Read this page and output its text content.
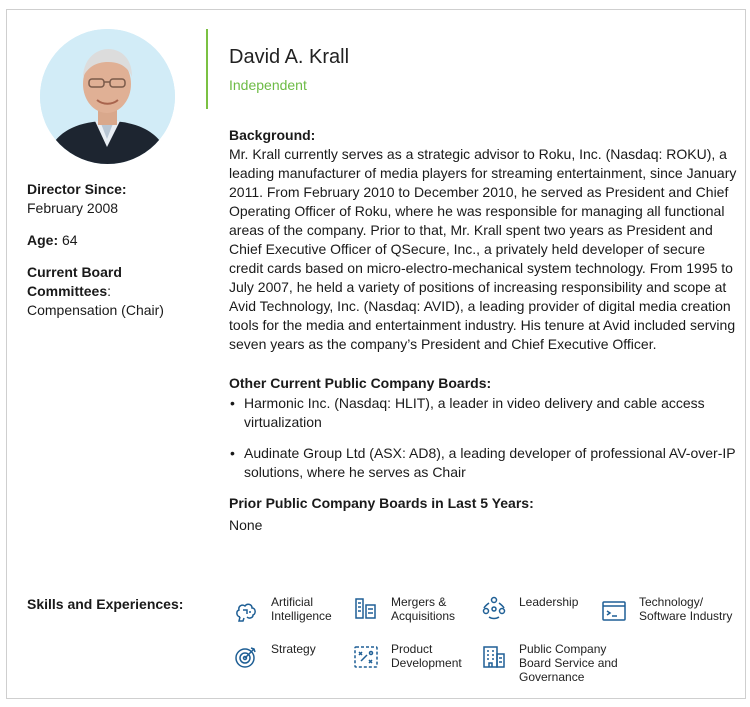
Director Since:
February 2008
Age: 64
Current Board Committees:
Compensation (Chair)
David A. Krall
Independent
Background:

Mr. Krall currently serves as a strategic advisor to Roku, Inc. (Nasdaq: ROKU), a leading manufacturer of media players for streaming entertainment, since January 2011. From February 2010 to December 2010, he served as President and Chief Operating Officer of Roku, where he was responsible for managing all functional areas of the company. Prior to that, Mr. Krall spent two years as President and Chief Executive Officer of QSecure, Inc., a privately held developer of secure credit cards based on micro-electro-mechanical system technology. From 1995 to July 2007, he held a variety of positions of increasing responsibility and scope at Avid Technology, Inc. (Nasdaq: AVID), a leading provider of digital media creation tools for the media and entertainment industry. His tenure at Avid included serving seven years as the company’s President and Chief Executive Officer.

Other Current Public Company Boards:
• Harmonic Inc. (Nasdaq: HLIT), a leader in video delivery and cable access virtualization
• Audinate Group Ltd (ASX: AD8), a leading developer of professional AV-over-IP solutions, where he serves as Chair
Prior Public Company Boards in Last 5 Years:
None
Skills and Experiences:	Artificial Intelligence
Mergers & Acquisitions
Leadership	Technology/ Software Industry
Strategy	Product Development
Public Company Board Service and Governance
